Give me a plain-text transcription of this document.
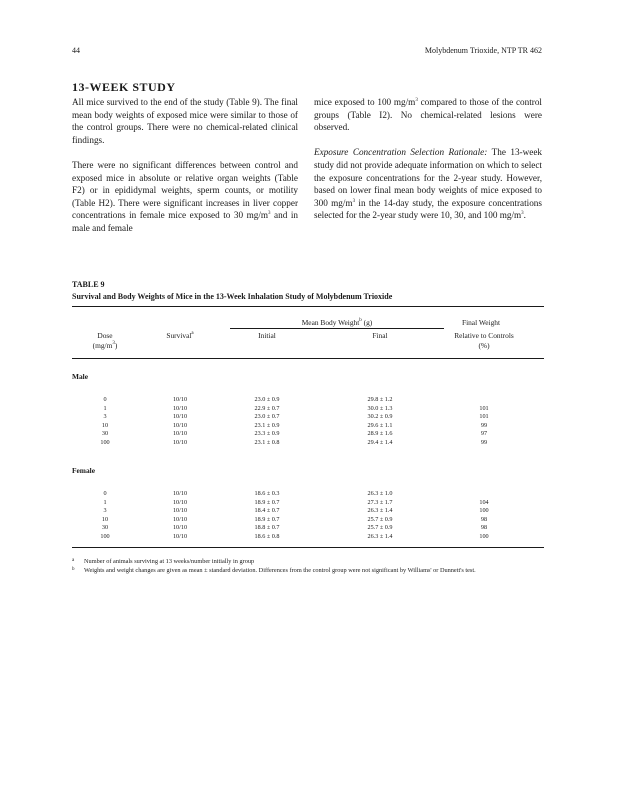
44	Molybdenum Trioxide, NTP TR 462
13-WEEK STUDY

All mice survived to the end of the study (Table 9). The final mean body weights of exposed mice were similar to those of the control groups. There were no chemical-related clinical findings.

There were no significant differences between control and exposed mice in absolute or relative organ weights (Table F2) or in epididymal weights, sperm counts, or motility (Table H2). There were significant increases in liver copper concentrations in female mice exposed to 30 $mg/m^3$ and in male and female

mice exposed to 100 $mg/m^3$ compared to those of the control groups (Table I2). No chemical-related lesions were observed.

Exposure Concentration Selection Rationale: The 13-week study did not provide adequate information on which to select the exposure concentrations for the 2-year study. However, based on lower final mean body weights of mice exposed to 300 $mg/m^3$ in the 14-day study, the exposure concentrations selected for the 2-year study were 10, 30, and 100 $mg/m^3$.

TABLE 9
Survival and Body Weights of Mice in the 13-Week Inhalation Study of Molybdenum Trioxide
Mean Body Weight$^b$ (g)	Final Weight
Dose
$(mg/m^3)$
Survival$^a$	Initial	Final	Relative to Controls
(%)
Male
0	10/10	23.0 ± 0.9	29.8 ± 1.2
1	10/10	22.9 ± 0.7	30.0 ± 1.3	101
3	10/10	23.0 ± 0.7	30.2 ± 0.9	101
10	10/10	23.1 ± 0.9	29.6 ± 1.1	99
30	10/10	23.3 ± 0.9	28.9 ± 1.6	97
100	10/10	23.1 ± 0.8	29.4 ± 1.4	99
Female
0	10/10	18.6 ± 0.3	26.3 ± 1.0
1	10/10	18.9 ± 0.7	27.3 ± 1.7	104
3	10/10	18.4 ± 0.7	26.3 ± 1.4	100
10	10/10	18.9 ± 0.7	25.7 ± 0.9	98
30	10/10	18.8 ± 0.7	25.7 ± 0.9	98
100	10/10	18.6 ± 0.8	26.3 ± 1.4	100
a Number of animals surviving at 13 weeks/number initially in group
b Weights and weight changes are given as mean ± standard deviation. Differences from the control group were not significant by Williams' or Dunnett's test.
